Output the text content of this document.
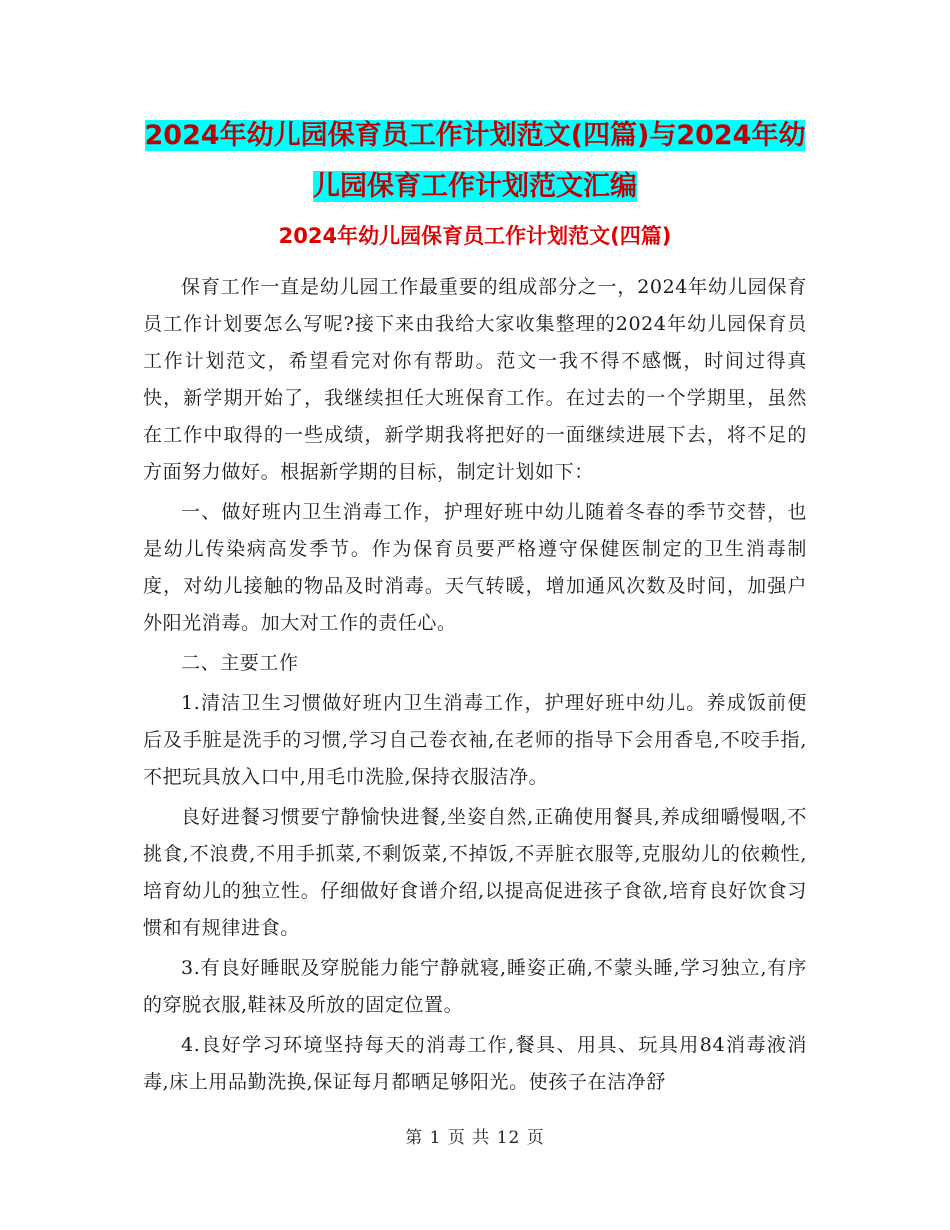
2024年幼儿园保育员工作计划范文(四篇)与2024年幼儿园保育工作计划范文汇编
2024年幼儿园保育员工作计划范文(四篇)

保育工作一直是幼儿园工作最重要的组成部分之一，2024年幼儿园保育员工作计划要怎么写呢?接下来由我给大家收集整理的2024年幼儿园保育员工作计划范文，希望看完对你有帮助。范文一我不得不感慨，时间过得真快，新学期开始了，我继续担任大班保育工作。在过去的一个学期里，虽然在工作中取得的一些成绩，新学期我将把好的一面继续进展下去，将不足的方面努力做好。根据新学期的目标，制定计划如下：

一、做好班内卫生消毒工作，护理好班中幼儿随着冬春的季节交替，也是幼儿传染病高发季节。作为保育员要严格遵守保健医制定的卫生消毒制度，对幼儿接触的物品及时消毒。天气转暖，增加通风次数及时间，加强户外阳光消毒。加大对工作的责任心。

二、主要工作

1.清洁卫生习惯做好班内卫生消毒工作，护理好班中幼儿。养成饭前便后及手脏是洗手的习惯,学习自己卷衣袖,在老师的指导下会用香皂,不咬手指,不把玩具放入口中,用毛巾洗脸,保持衣服洁净。

良好进餐习惯要宁静愉快进餐,坐姿自然,正确使用餐具,养成细嚼慢咽,不挑食,不浪费,不用手抓菜,不剩饭菜,不掉饭,不弄脏衣服等,克服幼儿的依赖性,培育幼儿的独立性。仔细做好食谱介绍,以提高促进孩子食欲,培育良好饮食习惯和有规律进食。

3.有良好睡眠及穿脱能力能宁静就寝,睡姿正确,不蒙头睡,学习独立,有序的穿脱衣服,鞋袜及所放的固定位置。

4.良好学习环境坚持每天的消毒工作,餐具、用具、玩具用84消毒液消毒,床上用品勤洗换,保证每月都晒足够阳光。使孩子在洁净舒

第 1 页 共 12 页
